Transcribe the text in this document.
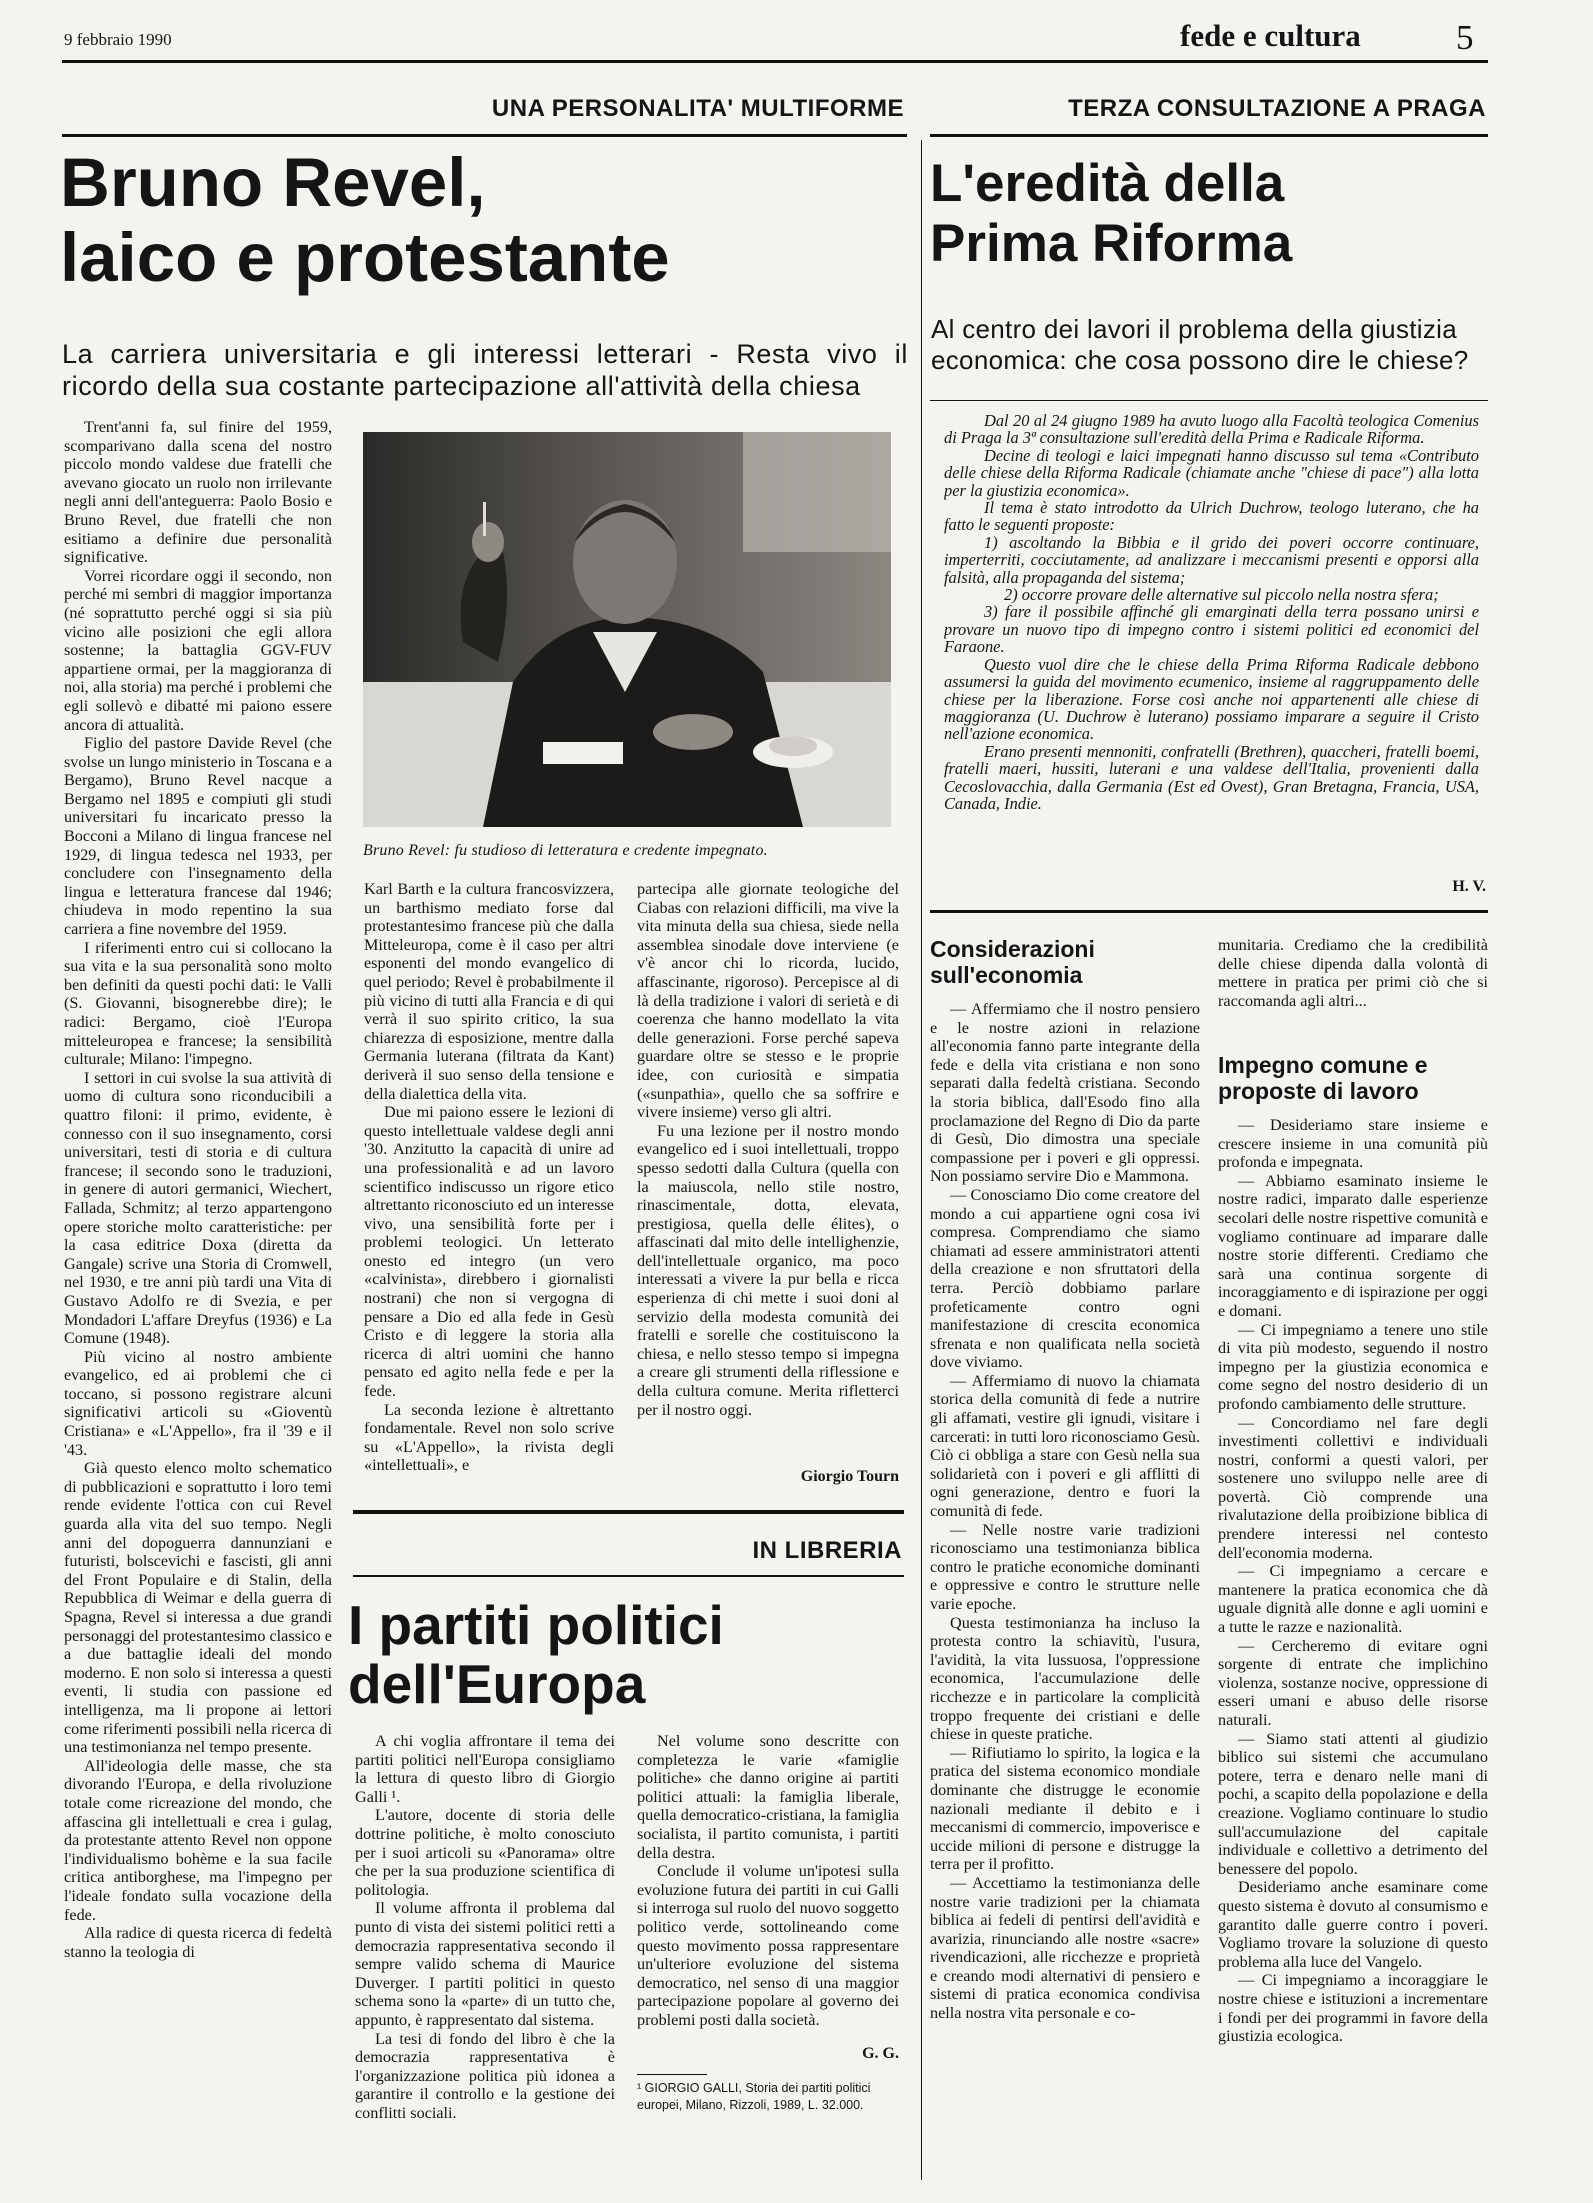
9 febbraio 1990	fede e cultura	5
UNA PERSONALITA' MULTIFORME
Bruno Revel,
laico e protestante
La carriera universitaria e gli interessi letterari - Resta vivo il ricordo della sua costante partecipazione all'attività della chiesa

Trent'anni fa, sul finire del 1959, scomparivano dalla scena del nostro piccolo mondo valdese due fratelli che avevano giocato un ruolo non irrilevante negli anni dell'anteguerra: Paolo Bosio e Bruno Revel, due fratelli che non esitiamo a definire due personalità significative.

Vorrei ricordare oggi il secondo, non perché mi sembri di maggior importanza (né soprattutto perché oggi si sia più vicino alle posizioni che egli allora sostenne; la battaglia GGV-FUV appartiene ormai, per la maggioranza di noi, alla storia) ma perché i problemi che egli sollevò e dibatté mi paiono essere ancora di attualità.

Figlio del pastore Davide Revel (che svolse un lungo ministerio in Toscana e a Bergamo), Bruno Revel nacque a Bergamo nel 1895 e compiuti gli studi universitari fu incaricato presso la Bocconi a Milano di lingua francese nel 1929, di lingua tedesca nel 1933, per concludere con l'insegnamento della lingua e letteratura francese dal 1946; chiudeva in modo repentino la sua carriera a fine novembre del 1959.

I riferimenti entro cui si collocano la sua vita e la sua personalità sono molto ben definiti da questi pochi dati: le Valli (S. Giovanni, bisognerebbe dire); le radici: Bergamo, cioè l'Europa mitteleuropea e francese; la sensibilità culturale; Milano: l'impegno.

I settori in cui svolse la sua attività di uomo di cultura sono riconducibili a quattro filoni: il primo, evidente, è connesso con il suo insegnamento, corsi universitari, testi di storia e di cultura francese; il secondo sono le traduzioni, in genere di autori germanici, Wiechert, Fallada, Schmitz; al terzo appartengono opere storiche molto caratteristiche: per la casa editrice Doxa (diretta da Gangale) scrive una Storia di Cromwell, nel 1930, e tre anni più tardi una Vita di Gustavo Adolfo re di Svezia, e per Mondadori L'affare Dreyfus (1936) e La Comune (1948).

Più vicino al nostro ambiente evangelico, ed ai problemi che ci toccano, si possono registrare alcuni significativi articoli su «Gioventù Cristiana» e «L'Appello», fra il '39 e il '43.

Già questo elenco molto schematico di pubblicazioni e soprattutto i loro temi rende evidente l'ottica con cui Revel guarda alla vita del suo tempo. Negli anni del dopoguerra dannunziani e futuristi, bolscevichi e fascisti, gli anni del Front Populaire e di Stalin, della Repubblica di Weimar e della guerra di Spagna, Revel si interessa a due grandi personaggi del protestantesimo classico e a due battaglie ideali del mondo moderno. E non solo si interessa a questi eventi, li studia con passione ed intelligenza, ma li propone ai lettori come riferimenti possibili nella ricerca di una testimonianza nel tempo presente.

All'ideologia delle masse, che sta divorando l'Europa, e della rivoluzione totale come ricreazione del mondo, che affascina gli intellettuali e crea i gulag, da protestante attento Revel non oppone l'individualismo bohème e la sua facile critica antiborghese, ma l'impegno per l'ideale fondato sulla vocazione della fede.

Alla radice di questa ricerca di fedeltà stanno la teologia di

Bruno Revel: fu studioso di letteratura e credente impegnato.

Karl Barth e la cultura francosvizzera, un barthismo mediato forse dal protestantesimo francese più che dalla Mitteleuropa, come è il caso per altri esponenti del mondo evangelico di quel periodo; Revel è probabilmente il più vicino di tutti alla Francia e di qui verrà il suo spirito critico, la sua chiarezza di esposizione, mentre dalla Germania luterana (filtrata da Kant) deriverà il suo senso della tensione e della dialettica della vita.

Due mi paiono essere le lezioni di questo intellettuale valdese degli anni '30. Anzitutto la capacità di unire ad una professionalità e ad un lavoro scientifico indiscusso un rigore etico altrettanto riconosciuto ed un interesse vivo, una sensibilità forte per i problemi teologici. Un letterato onesto ed integro (un vero «calvinista», direbbero i giornalisti nostrani) che non si vergogna di pensare a Dio ed alla fede in Gesù Cristo e di leggere la storia alla ricerca di altri uomini che hanno pensato ed agito nella fede e per la fede.

La seconda lezione è altrettanto fondamentale. Revel non solo scrive su «L'Appello», la rivista degli «intellettuali», e

partecipa alle giornate teologiche del Ciabas con relazioni difficili, ma vive la vita minuta della sua chiesa, siede nella assemblea sinodale dove interviene (e v'è ancor chi lo ricorda, lucido, affascinante, rigoroso). Percepisce al di là della tradizione i valori di serietà e di coerenza che hanno modellato la vita delle generazioni. Forse perché sapeva guardare oltre se stesso e le proprie idee, con curiosità e simpatia («sunpathia», quello che sa soffrire e vivere insieme) verso gli altri.

Fu una lezione per il nostro mondo evangelico ed i suoi intellettuali, troppo spesso sedotti dalla Cultura (quella con la maiuscola, nello stile nostro, rinascimentale, dotta, elevata, prestigiosa, quella delle élites), o affascinati dal mito delle intellighenzie, dell'intellettuale organico, ma poco interessati a vivere la pur bella e ricca esperienza di chi mette i suoi doni al servizio della modesta comunità dei fratelli e sorelle che costituiscono la chiesa, e nello stesso tempo si impegna a creare gli strumenti della riflessione e della cultura comune. Merita rifletterci per il nostro oggi.

Giorgio Tourn
IN LIBRERIA
I partiti politici
dell'Europa

A chi voglia affrontare il tema dei partiti politici nell'Europa consigliamo la lettura di questo libro di Giorgio Galli ¹.

L'autore, docente di storia delle dottrine politiche, è molto conosciuto per i suoi articoli su «Panorama» oltre che per la sua produzione scientifica di politologia.

Il volume affronta il problema dal punto di vista dei sistemi politici retti a democrazia rappresentativa secondo il sempre valido schema di Maurice Duverger. I partiti politici in questo schema sono la «parte» di un tutto che, appunto, è rappresentato dal sistema.

La tesi di fondo del libro è che la democrazia rappresentativa è l'organizzazione politica più idonea a garantire il controllo e la gestione dei conflitti sociali.

Nel volume sono descritte con completezza le varie «famiglie politiche» che danno origine ai partiti politici attuali: la famiglia liberale, quella democratico-cristiana, la famiglia socialista, il partito comunista, i partiti della destra.

Conclude il volume un'ipotesi sulla evoluzione futura dei partiti in cui Galli si interroga sul ruolo del nuovo soggetto politico verde, sottolineando come questo movimento possa rappresentare un'ulteriore evoluzione del sistema democratico, nel senso di una maggior partecipazione popolare al governo dei problemi posti dalla società.

G. G.
¹ GIORGIO GALLI, Storia dei partiti politici europei, Milano, Rizzoli, 1989, L. 32.000.
TERZA CONSULTAZIONE A PRAGA
L'eredità della
Prima Riforma
Al centro dei lavori il problema della giustizia economica: che cosa possono dire le chiese?

Dal 20 al 24 giugno 1989 ha avuto luogo alla Facoltà teologica Comenius di Praga la 3ª consultazione sull'eredità della Prima e Radicale Riforma.

Decine di teologi e laici impegnati hanno discusso sul tema «Contributo delle chiese della Riforma Radicale (chiamate anche "chiese di pace") alla lotta per la giustizia economica».

Il tema è stato introdotto da Ulrich Duchrow, teologo luterano, che ha fatto le seguenti proposte:

1) ascoltando la Bibbia e il grido dei poveri occorre continuare, imperterriti, cocciutamente, ad analizzare i meccanismi presenti e opporsi alla falsità, alla propaganda del sistema;

2) occorre provare delle alternative sul piccolo nella nostra sfera;

3) fare il possibile affinché gli emarginati della terra possano unirsi e provare un nuovo tipo di impegno contro i sistemi politici ed economici del Faraone.

Questo vuol dire che le chiese della Prima Riforma Radicale debbono assumersi la guida del movimento ecumenico, insieme al raggruppamento delle chiese per la liberazione. Forse così anche noi appartenenti alle chiese di maggioranza (U. Duchrow è luterano) possiamo imparare a seguire il Cristo nell'azione economica.

Erano presenti mennoniti, confratelli (Brethren), quaccheri, fratelli boemi, fratelli maeri, hussiti, luterani e una valdese dell'Italia, provenienti dalla Cecoslovacchia, dalla Germania (Est ed Ovest), Gran Bretagna, Francia, USA, Canada, Indie.

H. V.
Considerazioni sull'economia

— Affermiamo che il nostro pensiero e le nostre azioni in relazione all'economia fanno parte integrante della fede e della vita cristiana e non sono separati dalla fedeltà cristiana. Secondo la storia biblica, dall'Esodo fino alla proclamazione del Regno di Dio da parte di Gesù, Dio dimostra una speciale compassione per i poveri e gli oppressi. Non possiamo servire Dio e Mammona.

— Conosciamo Dio come creatore del mondo a cui appartiene ogni cosa ivi compresa. Comprendiamo che siamo chiamati ad essere amministratori attenti della creazione e non sfruttatori della terra. Perciò dobbiamo parlare profeticamente contro ogni manifestazione di crescita economica sfrenata e non qualificata nella società dove viviamo.

— Affermiamo di nuovo la chiamata storica della comunità di fede a nutrire gli affamati, vestire gli ignudi, visitare i carcerati: in tutti loro riconosciamo Gesù. Ciò ci obbliga a stare con Gesù nella sua solidarietà con i poveri e gli afflitti di ogni generazione, dentro e fuori la comunità di fede.

— Nelle nostre varie tradizioni riconosciamo una testimonianza biblica contro le pratiche economiche dominanti e oppressive e contro le strutture nelle varie epoche.

Questa testimonianza ha incluso la protesta contro la schiavitù, l'usura, l'avidità, la vita lussuosa, l'oppressione economica, l'accumulazione delle ricchezze e in particolare la complicità troppo frequente dei cristiani e delle chiese in queste pratiche.

— Rifiutiamo lo spirito, la logica e la pratica del sistema economico mondiale dominante che distrugge le economie nazionali mediante il debito e i meccanismi di commercio, impoverisce e uccide milioni di persone e distrugge la terra per il profitto.

— Accettiamo la testimonianza delle nostre varie tradizioni per la chiamata biblica ai fedeli di pentirsi dell'avidità e avarizia, rinunciando alle nostre «sacre» rivendicazioni, alle ricchezze e proprietà e creando modi alternativi di pensiero e sistemi di pratica economica condivisa nella nostra vita personale e co-

munitaria. Crediamo che la credibilità delle chiese dipenda dalla volontà di mettere in pratica per primi ciò che si raccomanda agli altri...

Impegno comune e proposte di lavoro

— Desideriamo stare insieme e crescere insieme in una comunità più profonda e impegnata.

— Abbiamo esaminato insieme le nostre radici, imparato dalle esperienze secolari delle nostre rispettive comunità e vogliamo continuare ad imparare dalle nostre storie differenti. Crediamo che sarà una continua sorgente di incoraggiamento e di ispirazione per oggi e domani.

— Ci impegniamo a tenere uno stile di vita più modesto, seguendo il nostro impegno per la giustizia economica e come segno del nostro desiderio di un profondo cambiamento delle strutture.

— Concordiamo nel fare degli investimenti collettivi e individuali nostri, conformi a questi valori, per sostenere uno sviluppo nelle aree di povertà. Ciò comprende una rivalutazione della proibizione biblica di prendere interessi nel contesto dell'economia moderna.

— Ci impegniamo a cercare e mantenere la pratica economica che dà uguale dignità alle donne e agli uomini e a tutte le razze e nazionalità.

— Cercheremo di evitare ogni sorgente di entrate che implichino violenza, sostanze nocive, oppressione di esseri umani e abuso delle risorse naturali.

— Siamo stati attenti al giudizio biblico sui sistemi che accumulano potere, terra e denaro nelle mani di pochi, a scapito della popolazione e della creazione. Vogliamo continuare lo studio sull'accumulazione del capitale individuale e collettivo a detrimento del benessere del popolo.

Desideriamo anche esaminare come questo sistema è dovuto al consumismo e garantito dalle guerre contro i poveri. Vogliamo trovare la soluzione di questo problema alla luce del Vangelo.

— Ci impegniamo a incoraggiare le nostre chiese e istituzioni a incrementare i fondi per dei programmi in favore della giustizia ecologica.
